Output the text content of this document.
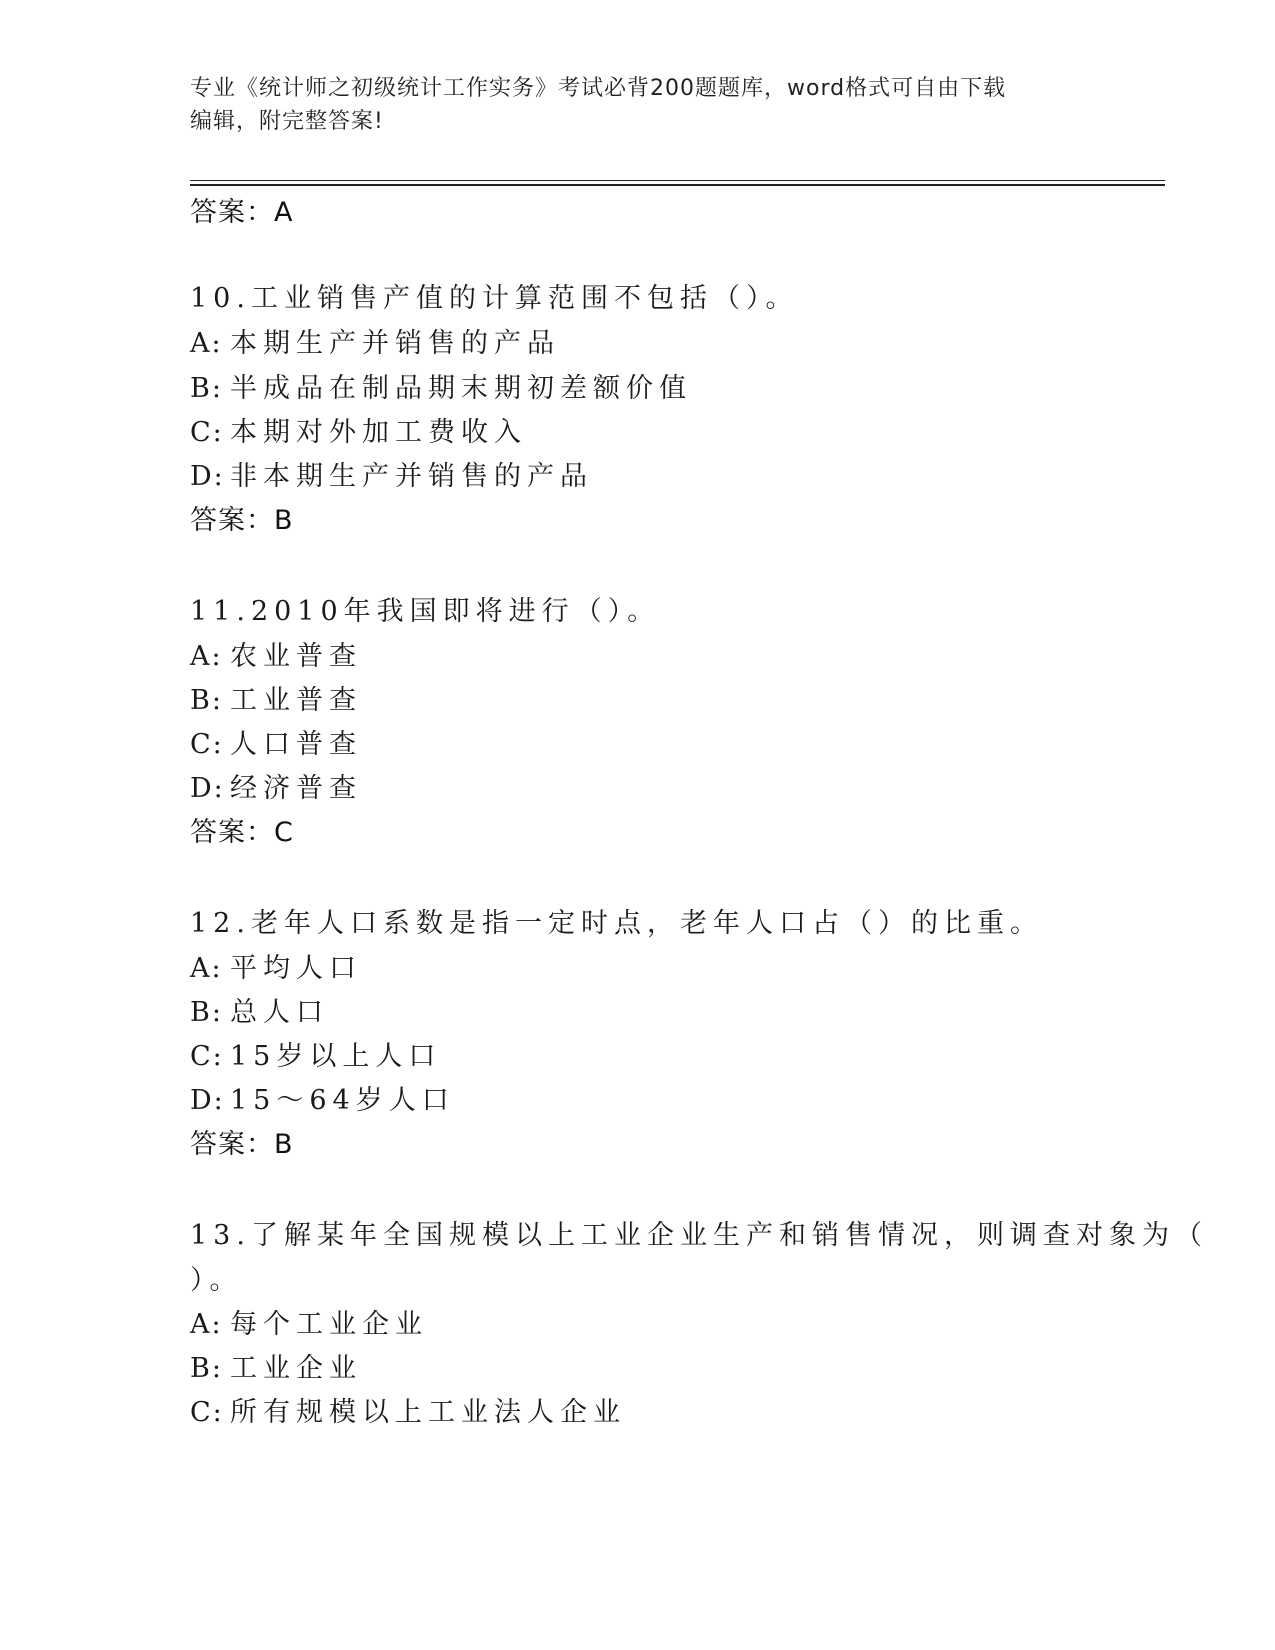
专业《统计师之初级统计工作实务》考试必背200题题库，word格式可自由下载
编辑，附完整答案!
答案：A
10.工业销售产值的计算范围不包括（）。
A: 本期生产并销售的产品
B: 半成品在制品期末期初差额价值
C: 本期对外加工费收入
D: 非本期生产并销售的产品
答案：B
11.2010年我国即将进行（）。
A: 农业普查
B: 工业普查
C: 人口普查
D: 经济普查
答案：C
12.老年人口系数是指一定时点，老年人口占（）的比重。
A: 平均人口
B: 总人口
C: 15岁以上人口
D: 15～64岁人口
答案：B
13.了解某年全国规模以上工业企业生产和销售情况，则调查对象为（
）。
A: 每个工业企业
B: 工业企业
C: 所有规模以上工业法人企业
